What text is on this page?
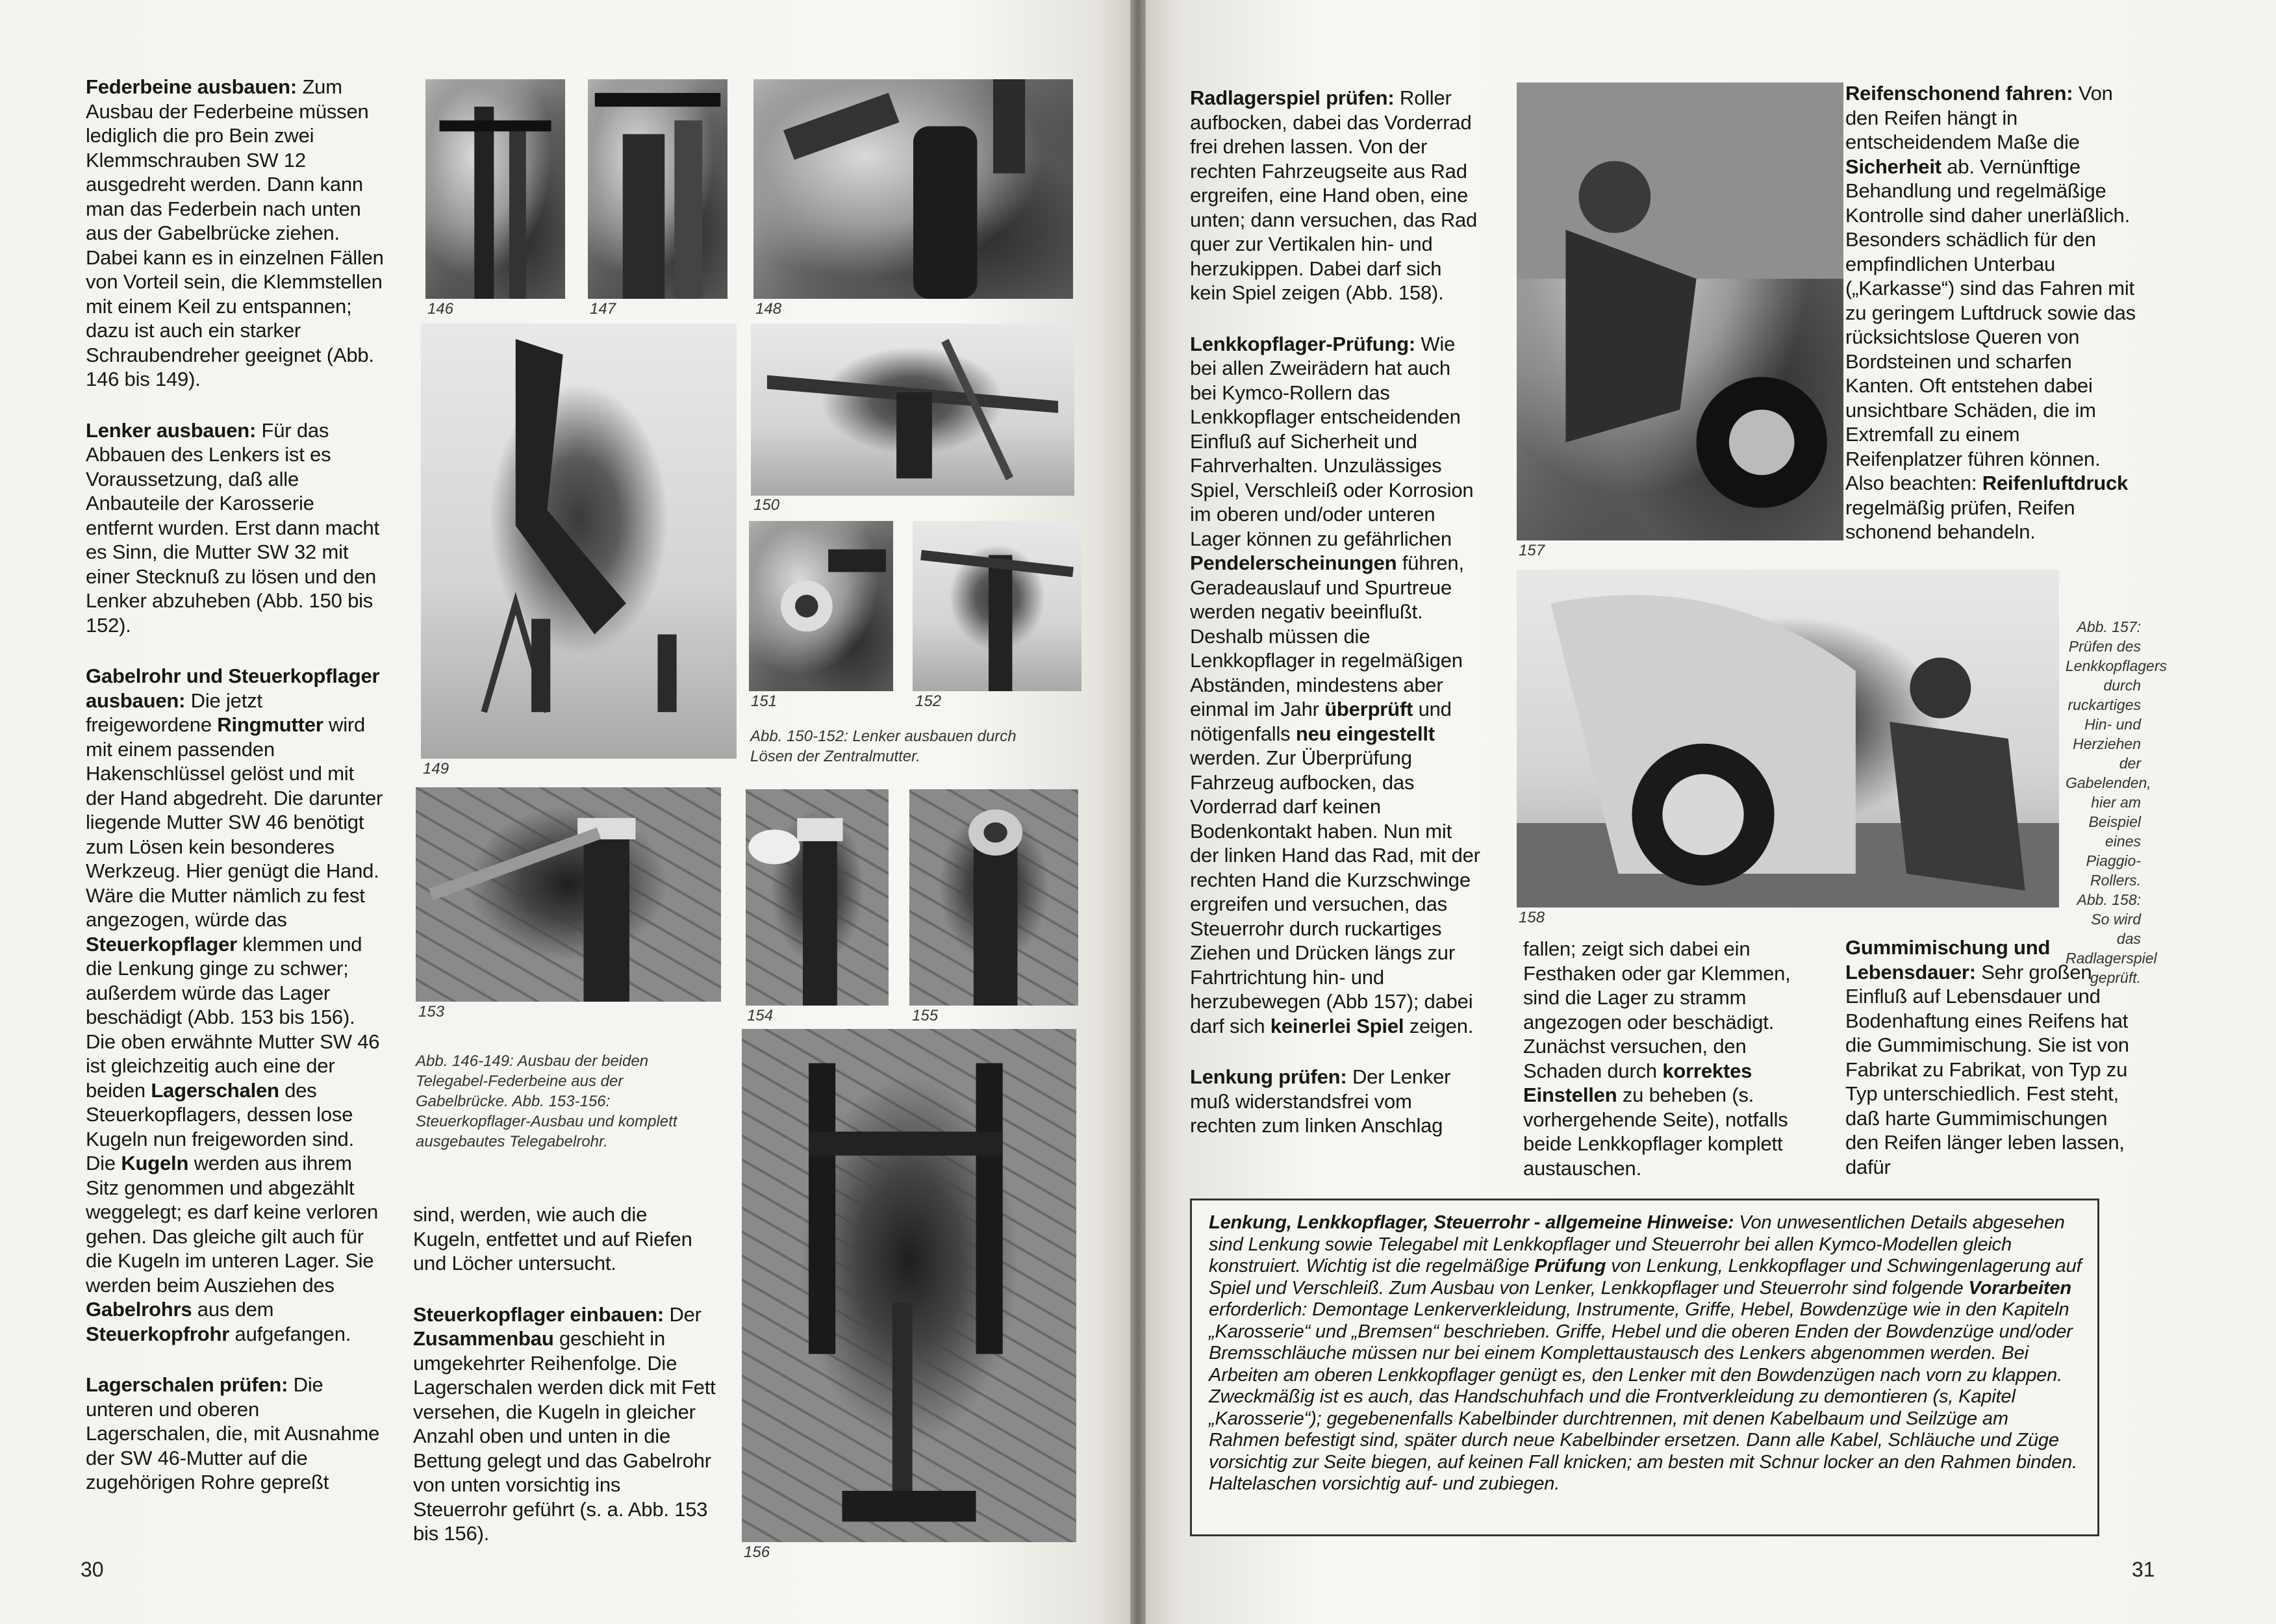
Federbeine ausbauen: Zum Ausbau der Federbeine müssen lediglich die pro Bein zwei Klemmschrauben SW 12 ausgedreht werden. Dann kann man das Federbein nach unten aus der Gabelbrücke ziehen. Dabei kann es in einzelnen Fällen von Vorteil sein, die Klemmstellen mit einem Keil zu entspannen; dazu ist auch ein starker Schraubendreher geeignet (Abb. 146 bis 149).

Lenker ausbauen: Für das Abbauen des Lenkers ist es Voraussetzung, daß alle Anbauteile der Karosserie entfernt wurden. Erst dann macht es Sinn, die Mutter SW 32 mit einer Stecknuß zu lösen und den Lenker abzuheben (Abb. 150 bis 152).

Gabelrohr und Steuerkopflager ausbauen: Die jetzt freigewordene Ringmutter wird mit einem passenden Hakenschlüssel gelöst und mit der Hand abgedreht. Die darunter liegende Mutter SW 46 benötigt zum Lösen kein besonderes Werkzeug. Hier genügt die Hand. Wäre die Mutter nämlich zu fest angezogen, würde das Steuerkopflager klemmen und die Lenkung ginge zu schwer; außerdem würde das Lager beschädigt (Abb. 153 bis 156). Die oben erwähnte Mutter SW 46 ist gleichzeitig auch eine der beiden Lagerschalen des Steuerkopflagers, dessen lose Kugeln nun freigeworden sind. Die Kugeln werden aus ihrem Sitz genommen und abgezählt weggelegt; es darf keine verloren gehen. Das gleiche gilt auch für die Kugeln im unteren Lager. Sie werden beim Ausziehen des Gabelrohrs aus dem Steuerkopfrohr aufgefangen.

Lagerschalen prüfen: Die unteren und oberen Lagerschalen, die, mit Ausnahme der SW 46-Mutter auf die zugehörigen Rohre gepreßt

146	147	148
149
150
151	152
Abb. 150-152: Lenker ausbauen durch Lösen der Zentralmutter.
153	154	155
Abb. 146-149: Ausbau der beiden Telegabel-Federbeine aus der Gabelbrücke. Abb. 153-156: Steuerkopflager-Ausbau und komplett ausgebautes Telegabelrohr.

sind, werden, wie auch die Kugeln, entfettet und auf Riefen und Löcher untersucht.

Steuerkopflager einbauen: Der Zusammenbau geschieht in umgekehrter Reihenfolge. Die Lagerschalen werden dick mit Fett versehen, die Kugeln in gleicher Anzahl oben und unten in die Bettung gelegt und das Gabelrohr von unten vorsichtig ins Steuerrohr geführt (s. a. Abb. 153 bis 156).

156
30

Radlagerspiel prüfen: Roller aufbocken, dabei das Vorderrad frei drehen lassen. Von der rechten Fahrzeugseite aus Rad ergreifen, eine Hand oben, eine unten; dann versuchen, das Rad quer zur Vertikalen hin- und herzukippen. Dabei darf sich kein Spiel zeigen (Abb. 158).

Lenkkopflager-Prüfung: Wie bei allen Zweirädern hat auch bei Kymco-Rollern das Lenkkopflager entscheidenden Einfluß auf Sicherheit und Fahrverhalten. Unzulässiges Spiel, Verschleiß oder Korrosion im oberen und/oder unteren Lager können zu gefährlichen Pendelerscheinungen führen, Geradeauslauf und Spurtreue werden negativ beeinflußt. Deshalb müssen die Lenkkopflager in regelmäßigen Abständen, mindestens aber einmal im Jahr überprüft und nötigenfalls neu eingestellt werden. Zur Überprüfung Fahrzeug aufbocken, das Vorderrad darf keinen Bodenkontakt haben. Nun mit der linken Hand das Rad, mit der rechten Hand die Kurzschwinge ergreifen und versuchen, das Steuerrohr durch ruckartiges Ziehen und Drücken längs zur Fahrtrichtung hin- und herzubewegen (Abb 157); dabei darf sich keinerlei Spiel zeigen.

Lenkung prüfen: Der Lenker muß widerstandsfrei vom rechten zum linken Anschlag

157

Reifenschonend fahren: Von den Reifen hängt in entscheidendem Maße die Sicherheit ab. Vernünftige Behandlung und regelmäßige Kontrolle sind daher unerläßlich. Besonders schädlich für den empfindlichen Unterbau („Karkasse“) sind das Fahren mit zu geringem Luftdruck sowie das rücksichtslose Queren von Bordsteinen und scharfen Kanten. Oft entstehen dabei unsichtbare Schäden, die im Extremfall zu einem Reifenplatzer führen können. Also beachten: Reifenluftdruck regelmäßig prüfen, Reifen schonend behandeln.

158
Abb. 157: Prüfen des Lenkkopflagers durch ruckartiges Hin- und Herziehen der Gabelenden, hier am Beispiel eines Piaggio-Rollers. Abb. 158: So wird das Radlagerspiel geprüft.

fallen; zeigt sich dabei ein Festhaken oder gar Klemmen, sind die Lager zu stramm angezogen oder beschädigt. Zunächst versuchen, den Schaden durch korrektes Einstellen zu beheben (s. vorhergehende Seite), notfalls beide Lenkkopflager komplett austauschen.

Gummimischung und Lebensdauer: Sehr großen Einfluß auf Lebensdauer und Bodenhaftung eines Reifens hat die Gummimischung. Sie ist von Fabrikat zu Fabrikat, von Typ zu Typ unterschiedlich. Fest steht, daß harte Gummimischungen den Reifen länger leben lassen, dafür

31
Lenkung, Lenkkopflager, Steuerrohr - allgemeine Hinweise: Von unwesentlichen Details abgesehen sind Lenkung sowie Telegabel mit Lenkkopflager und Steuerrohr bei allen Kymco-Modellen gleich konstruiert. Wichtig ist die regelmäßige Prüfung von Lenkung, Lenkkopflager und Schwingenlagerung auf Spiel und Verschleiß. Zum Ausbau von Lenker, Lenkkopflager und Steuerrohr sind folgende Vorarbeiten erforderlich: Demontage Lenkerverkleidung, Instrumente, Griffe, Hebel, Bowdenzüge wie in den Kapiteln „Karosserie“ und „Bremsen“ beschrieben. Griffe, Hebel und die oberen Enden der Bowdenzüge und/oder Bremsschläuche müssen nur bei einem Komplettaustausch des Lenkers abgenommen werden. Bei Arbeiten am oberen Lenkkopflager genügt es, den Lenker mit den Bowdenzügen nach vorn zu klappen. Zweckmäßig ist es auch, das Handschuhfach und die Frontverkleidung zu demontieren (s, Kapitel „Karosserie“); gegebenenfalls Kabelbinder durchtrennen, mit denen Kabelbaum und Seilzüge am Rahmen befestigt sind, später durch neue Kabelbinder ersetzen. Dann alle Kabel, Schläuche und Züge vorsichtig zur Seite biegen, auf keinen Fall knicken; am besten mit Schnur locker an den Rahmen binden. Haltelaschen vorsichtig auf- und zubiegen.
